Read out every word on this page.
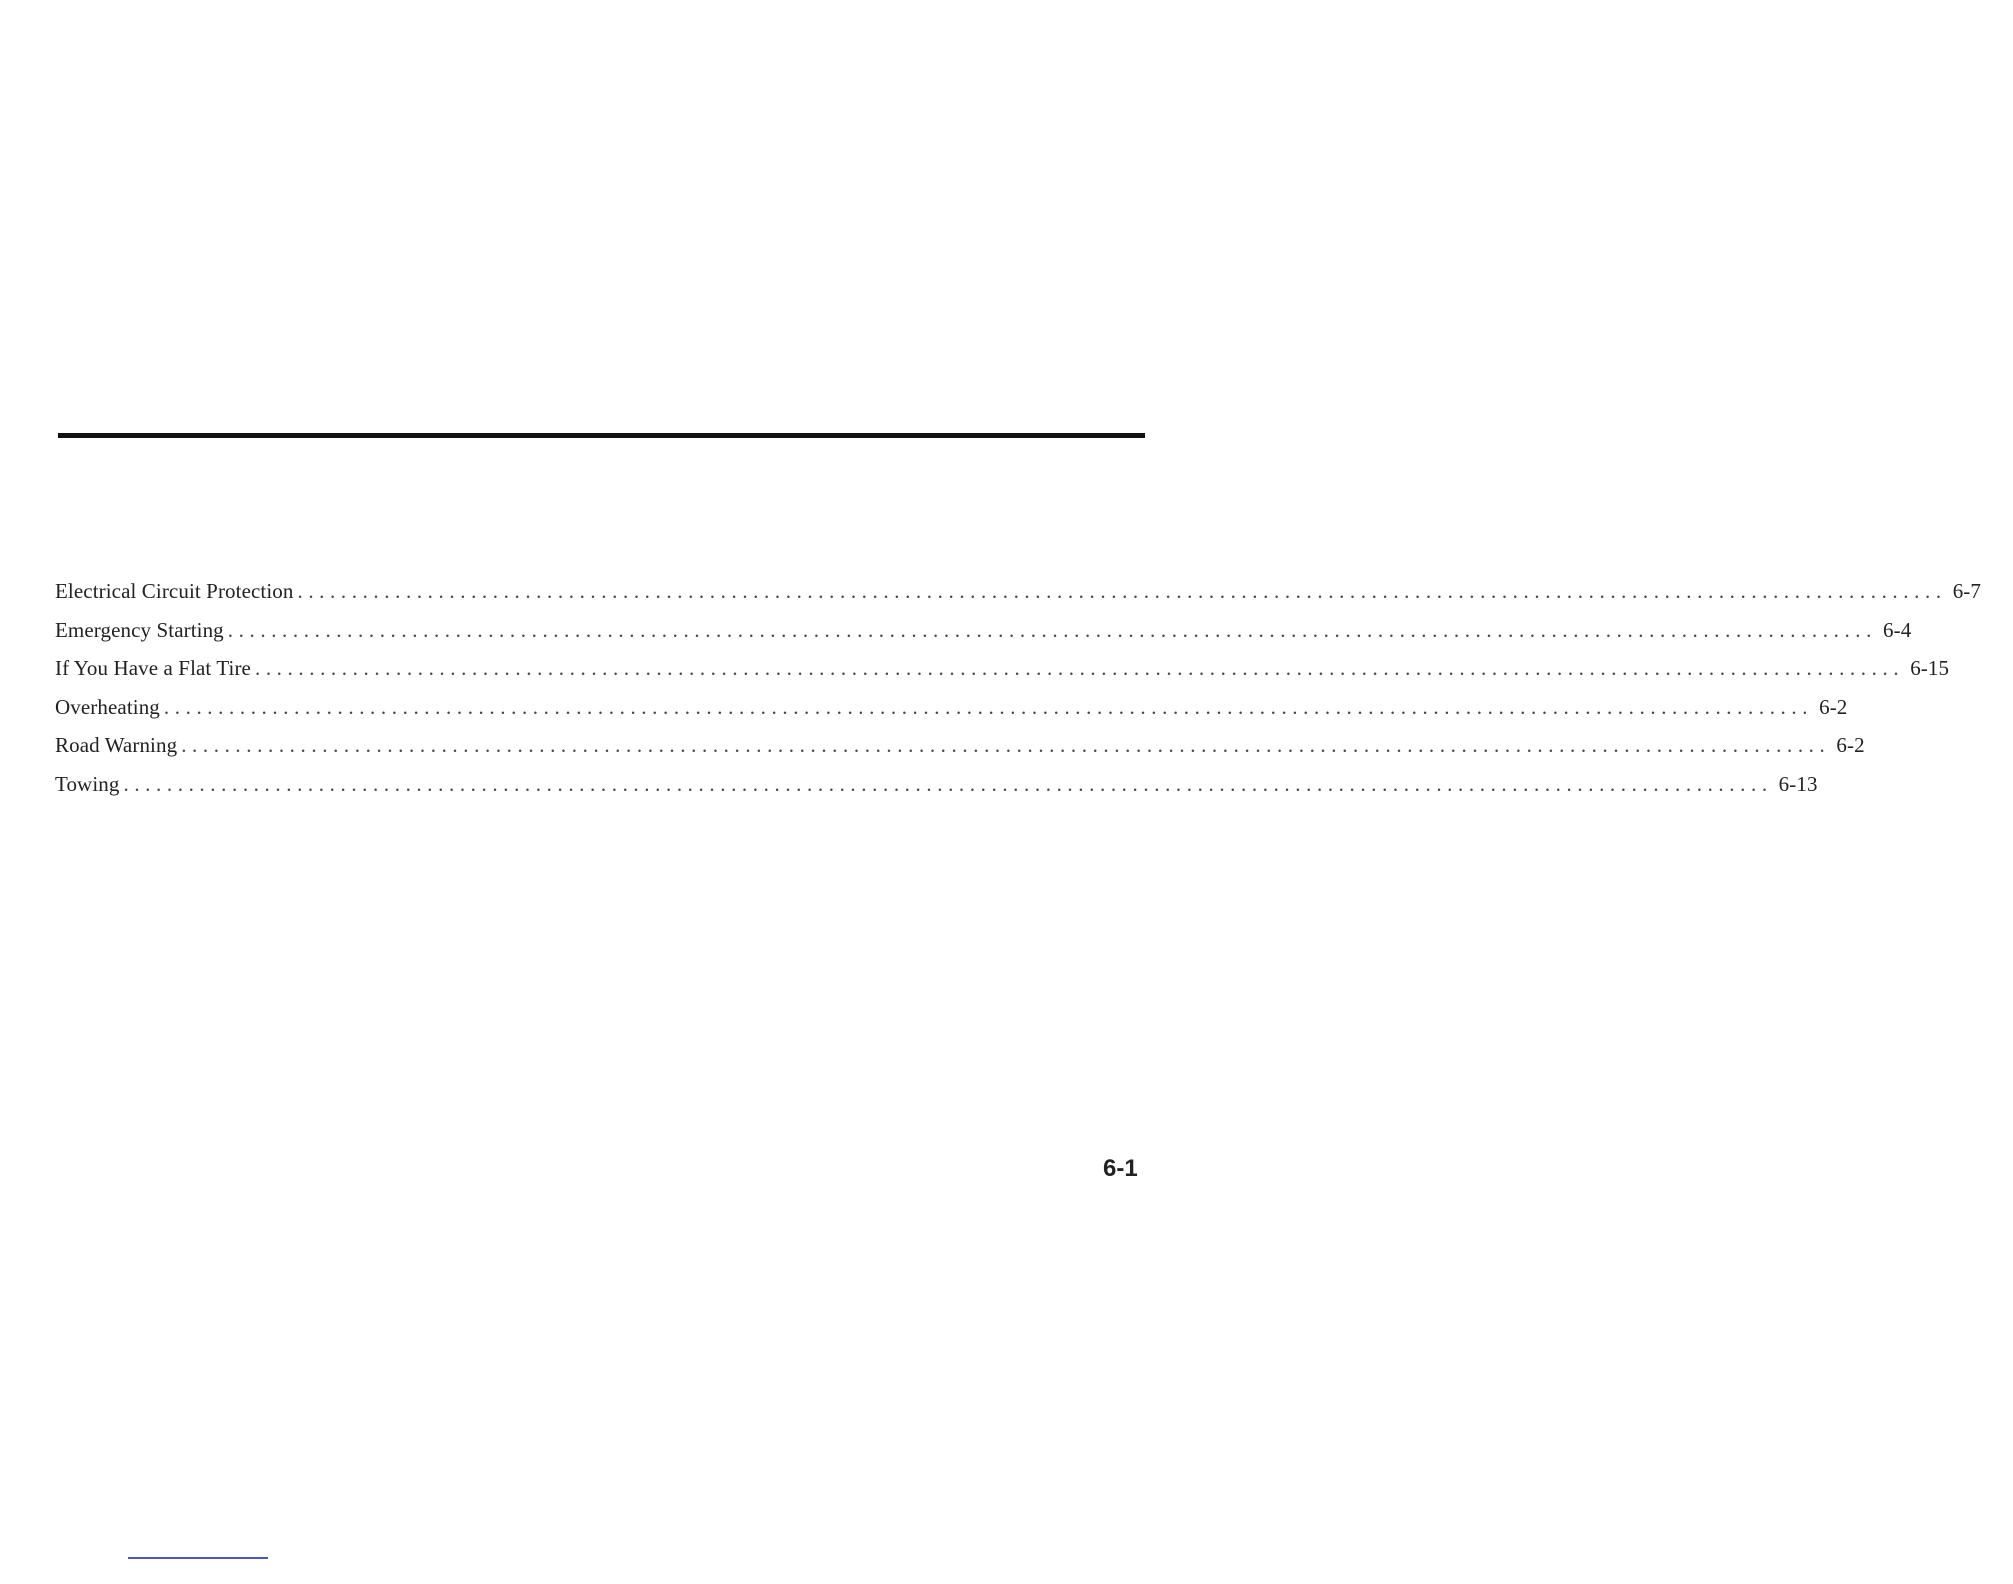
Electrical Circuit Protection ........................................................................................................................................................ 6-7
Emergency Starting ........................................................................................................................................................ 6-4
If You Have a Flat Tire ........................................................................................................................................................ 6-15
Overheating ........................................................................................................................................................ 6-2
Road Warning ........................................................................................................................................................ 6-2
Towing ........................................................................................................................................................ 6-13
6-1
